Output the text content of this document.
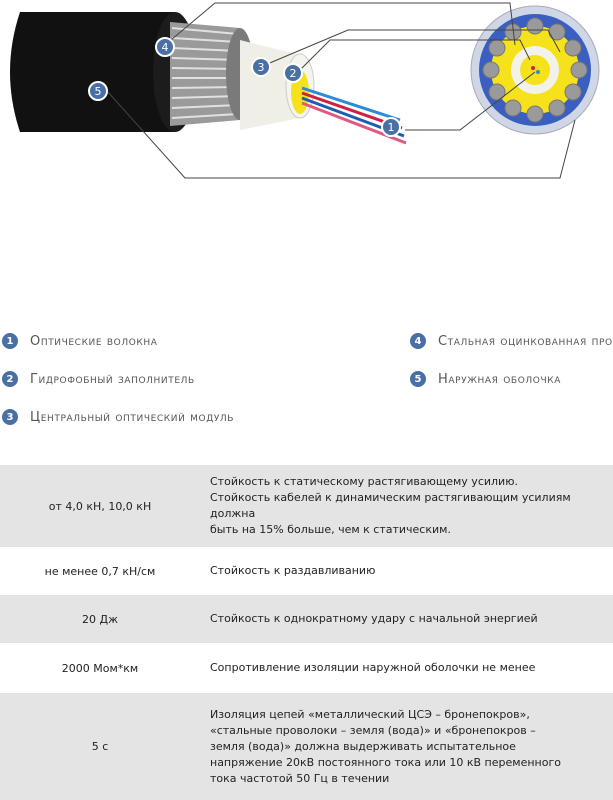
1
2
3
4
5
1	Оптические волокна
2	Гидрофобный заполнитель
3	Центральный оптический модуль
4	Стальная оцинкованная про
5	Наружная оболочка
от 4,0 кН, 10,0 кН	Стойкость к статическому растягивающему усилию.
Стойкость кабелей к динамическим растягивающим усилиям должна
быть на 15% больше, чем к статическим.

не менее 0,7 кН/см	Стойкость к раздавливанию

20 Дж	Стойкость к однократному удару с начальной энергией

2000 Мом*км	Сопротивление изоляции наружной оболочки не менее

5 с	Изоляция цепей «металлический ЦСЭ – бронепокров»,
«стальные проволоки – земля (вода)» и «бронепокров –
земля (вода)» должна выдерживать испытательное
напряжение 20кВ постоянного тока или 10 кВ переменного
тока частотой 50 Гц в течении
